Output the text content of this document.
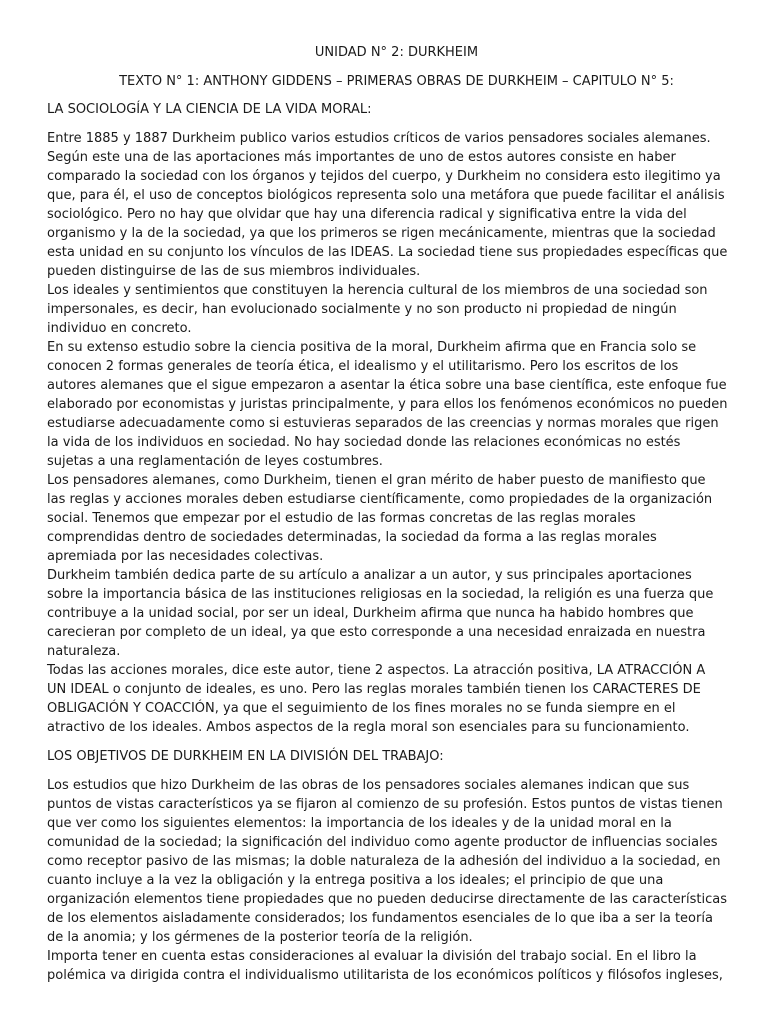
UNIDAD N° 2: DURKHEIM
TEXTO N° 1: ANTHONY GIDDENS – PRIMERAS OBRAS DE DURKHEIM – CAPITULO N° 5:
LA SOCIOLOGÍA Y LA CIENCIA DE LA VIDA MORAL:

Entre 1885 y 1887 Durkheim publico varios estudios críticos de varios pensadores sociales alemanes. Según este una de las aportaciones más importantes de uno de estos autores consiste en haber comparado la sociedad con los órganos y tejidos del cuerpo, y Durkheim no considera esto ilegitimo ya que, para él, el uso de conceptos biológicos representa solo una metáfora que puede facilitar el análisis sociológico. Pero no hay que olvidar que hay una diferencia radical y significativa entre la vida del organismo y la de la sociedad, ya que los primeros se rigen mecánicamente, mientras que la sociedad esta unidad en su conjunto los vínculos de las IDEAS. La sociedad tiene sus propiedades específicas que pueden distinguirse de las de sus miembros individuales.

Los ideales y sentimientos que constituyen la herencia cultural de los miembros de una sociedad son impersonales, es decir, han evolucionado socialmente y no son producto ni propiedad de ningún individuo en concreto.

En su extenso estudio sobre la ciencia positiva de la moral, Durkheim afirma que en Francia solo se conocen 2 formas generales de teoría ética, el idealismo y el utilitarismo. Pero los escritos de los autores alemanes que el sigue empezaron a asentar la ética sobre una base científica, este enfoque fue elaborado por economistas y juristas principalmente, y para ellos los fenómenos económicos no pueden estudiarse adecuadamente como si estuvieras separados de las creencias y normas morales que rigen la vida de los individuos en sociedad. No hay sociedad donde las relaciones económicas no estés sujetas a una reglamentación de leyes costumbres.

Los pensadores alemanes, como Durkheim, tienen el gran mérito de haber puesto de manifiesto que las reglas y acciones morales deben estudiarse científicamente, como propiedades de la organización social. Tenemos que empezar por el estudio de las formas concretas de las reglas morales comprendidas dentro de sociedades determinadas, la sociedad da forma a las reglas morales apremiada por las necesidades colectivas.

Durkheim también dedica parte de su artículo a analizar a un autor, y sus principales aportaciones sobre la importancia básica de las instituciones religiosas en la sociedad, la religión es una fuerza que contribuye a la unidad social, por ser un ideal, Durkheim afirma que nunca ha habido hombres que carecieran por completo de un ideal, ya que esto corresponde a una necesidad enraizada en nuestra naturaleza.

Todas las acciones morales, dice este autor, tiene 2 aspectos. La atracción positiva, LA ATRACCIÓN A UN IDEAL o conjunto de ideales, es uno. Pero las reglas morales también tienen los CARACTERES DE OBLIGACIÓN Y COACCIÓN, ya que el seguimiento de los fines morales no se funda siempre en el atractivo de los ideales. Ambos aspectos de la regla moral son esenciales para su funcionamiento.

LOS OBJETIVOS DE DURKHEIM EN LA DIVISIÓN DEL TRABAJO:

Los estudios que hizo Durkheim de las obras de los pensadores sociales alemanes indican que sus puntos de vistas característicos ya se fijaron al comienzo de su profesión. Estos puntos de vistas tienen que ver como los siguientes elementos: la importancia de los ideales y de la unidad moral en la comunidad de la sociedad; la significación del individuo como agente productor de influencias sociales como receptor pasivo de las mismas; la doble naturaleza de la adhesión del individuo a la sociedad, en cuanto incluye a la vez la obligación y la entrega positiva a los ideales; el principio de que una organización elementos tiene propiedades que no pueden deducirse directamente de las características de los elementos aisladamente considerados; los fundamentos esenciales de lo que iba a ser la teoría de la anomia; y los gérmenes de la posterior teoría de la religión.

Importa tener en cuenta estas consideraciones al evaluar la división del trabajo social. En el libro la polémica va dirigida contra el individualismo utilitarista de los económicos políticos y filósofos ingleses,
